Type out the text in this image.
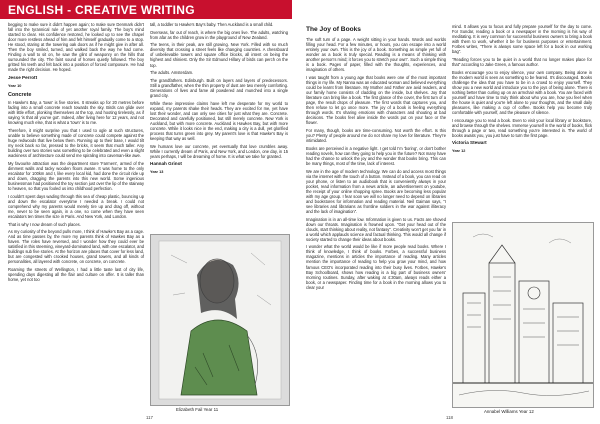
ENGLISH - CREATIVE WRITING

begging to make sure it didn't happen again; to make sure Denmark didn't fall into the tyrannical rule of yet another royal family. The boy's mind started to clear. His confidence restored, he looked up to see the chapel door more restless ahead of him and felt himself gradually come to a stop. He stood, staring at the towering oak doors as if he might give in after all. Then the boy smiled, turned, and walked back the way he had come. Finding a wall to sit on, he saw the glint of weaponry on the hills that surrounded the city. The faint sound of horses quietly followed. The boy gritted his teeth and felt back into a position of forced composure. He had made the right decision. He hoped.

Jesse Perrott
Year 10
Concrete

In Hawke's Bay, a 'town' is five stories. It streaks up for 20 metres before fading into a small concrete reach towards the sky. Birds can glide over with little effort, plonking themselves at the top, and hooting tirelessly, as if saying 'is that all you've got'. Indeed, after living here for 12 years, and not knowing much else, that is what a 'town' is to me.

Therefore, it might surprise you that I used to ogle at such structures, unable to believe something made of concrete could compete against the huge redwoods that live below them. Running up to their base, I would tilt my neck back so far, pressed to the bricks, it seem that much taller. Any building over two stories was something to be celebrated and even a slight wackiness of architecture could send me spiraling into caveman-like awe.

My favourite attraction was the department store 'Farmers', armed of the dimmest walls and tacky wooden floors aware. It was home to the only escalator for 100km and I, like every local kid, had done the circuit ride up and down, dragging the parents into this new world. Some ingenious businessman had positioned the toy section just over the lip of the stairway to heaven, so that you fooled us into childhood perfection.

I couldn't spent days wading through this sea of cheap plastic, bouncing up and down the escalator everytime I needed a break. I could not comprehend why my parents would merely tire up and drag off, without me, never to be seen again, in a one, so come when they have seen escalators ten times the size in Paris. And New York, and London.

That is why I now dream of such places.

As my curiosity of the beyond pulls more, I think of Hawke's Bay as a cage. And as time passes by, the more my parents think of Hawkes Bay as a haven. The roles have reversed, and I wonder how they could ever be satisfied in this steeming, vineyard-dominated land, with one escalator, and buildings sub five stories. At the horizon are places that cover for less land, but are congested with crooked houses, grand towers, and all kinds of personalities, all layered with concrete, on concrete, on concrete.

Roaming the streets of Wellington, I had a little taste last of city life, spending days digesting all the flair and culture on offer. It is taller than home, yet not too

tall, a toddler to Hawke's Bay's baby. Then Auckland is a small child.

Overseas, far out of reach, is where the big ones live. The adults, watching from afar as the children grow in the playground of New Zealand.

The teens, in their peak, are still growing. New York. Filled with so much diversity that crossing a street feels like changing countries. A chessboard of unbelievable towers and square office blocks, all intent on being the highest and shiniest. Only the Sir Edmund Hillary of birds can perch on the top.

The adults. Amsterdam.

The grandfathers. Edinburgh. Built on layers and layers of predecessors. Still a grandfather, when the thin property of dust are two merely comforting. Generations of lives and fame all powdered and munched into a single grand city.

While these impressive claims have left me desperate for my world to expand, my parents shake their heads. They are excited for me, yet have lost their wonder, and can only see cities for just what they are. Concrete. Decorated and carefully positioned, but still merely concrete. New York is Auckland, but with more concrete. Auckland is Hawkes Bay, but with more concrete. While it looks nice in the end, making a city is a dull, yet glorified process that turns green into grey. My parent's love is that Hawke's Bay is keeping that way as well.

We humans love our concrete, yet eventually that love crumbles away. While I currently dream of Paris, and New York, and London, one day, in 15 years perhaps, I will be dreaming of home. It is what we take for granted.

Hannah Grinot
Year 13
Elizabeth Fail Year 11
117
The Joy of Books

The soft turn of a page. A weight sitting in your hands. Words and worlds filling your head. For a few minutes, or hours, you can escape into a world entirely your own. This is the joy of a book. Something as simple yet full of wonder as a book is truly special. Reading is a means of thinking with another person's mind; it forces you to stretch your own". Such a simple thing is a book. Pages of paper, filled with the thoughts, experiences, and imagination of others.

I was taught from a young age that books were one of the most important things in my life. My Nanna was an educated woman and believed everything could be learnt from literature. My Mother and Father are avid readers, and our family home consists of cladding on the inside, but shelves. Joy that literature can bring like a book. The first glance of the cover, the first turn of a page, the result drops of pleasure. The first words that captures you, and then refuse to let go once more. The joy of a book is feeling everything through words. It's sharing emotions with characters and shouting at bad decisions. The books feel alive inside the words put on your face or the flower.

For many, though, books are time-consuming. Not worth the effort. Is this you? Plenty of people around me do not share my love for literature. They're intimidated.

Books are perceived in a negative light. I get told I'm 'boring', or don't bother reading novels, how can they going to help you in the future? Not many have had the chance to unlock the joy and the wonder that books bring. This can be many things, most of the time, lack of interest.

We are in the age of modern technology. We can do and access most things via the internet with the touch of a button. Instead of a book, you can read on your phone, or listen to an audiobook that is conveniently always in your pocket, read information from a news article, an advertisement on youtube, the receipt of your online shopping spree. Books are becoming less popular with my age group. I fear soon we will no longer need to depend on libraries and bookstores for information and reading material. Neil Gaiman says, "I see libraries and librarians as frontline soldiers in the war against illiteracy and the lack of imagination".

Imagination is in an all-time low. Information is given to us. Facts are shoved down our throats. Imagination is frowned upon. "Get your head out of the clouds, start thinking about reality, not fantasy". Creativity won't get you far in a world which applauds science and factual thinking. This would all change if society started to change their ideas about books.

I wonder what the world would be like if more people read books. Where I think of knowledge, I think of books. Forbes, a successful business magazine, mentions in articles the importance of reading. Many articles mention the importance of reading to help you grow your mind, and how famous CEO's incorporated reading into their busy lives. Forbes, Hawke's Bay Schoolboard, shows how reading is a big part of business owners' morning routines. Sunday, after waking at 4:30am, always reads either a book, or a newspaper. Finding time for a book in the morning allows you to clear your

mind. It allows you to focus and fully prepare yourself for the day to come. For Sundar, reading a book or a newspaper in the morning is his way of meditating. It is very common for successful business owners to bring a book with them to work, whether it be for business purposes or entertainment. Forbes writes, "There is always some space left for a book in our working bag".

"Reading forces you to be quiet in a world that no longer makes place for that" according to Jake Green, a famous author.

Books encourage you to enjoy silence, your own company. Being alone in the modern world is seen as something to be feared. It's discouraged. Books challenge the idea that you have to be in a crowd to enjoy yourself. They show you a new world and introduce you to the joys of being alone. There is nothing better than curling up on an armchair with a book. You are faced with yourself and have time to truly think about who you are, how you feel when the house is quiet and you're left alone to your thoughts, and the small daily pleasures, like making a cup of coffee. Books help you become truly comfortable with yourself, and the pleasure of silence.

I encourage you to read a book. Even to visit your local library or bookstore, and browse through the shelves. Immerse yourself in the world of books, flick through a page or two, read something you're interested in. The world of books awaits you, you just have to turn the first page.

Victoria Stewart
Year 12
Annabel Williams Year 12
118
